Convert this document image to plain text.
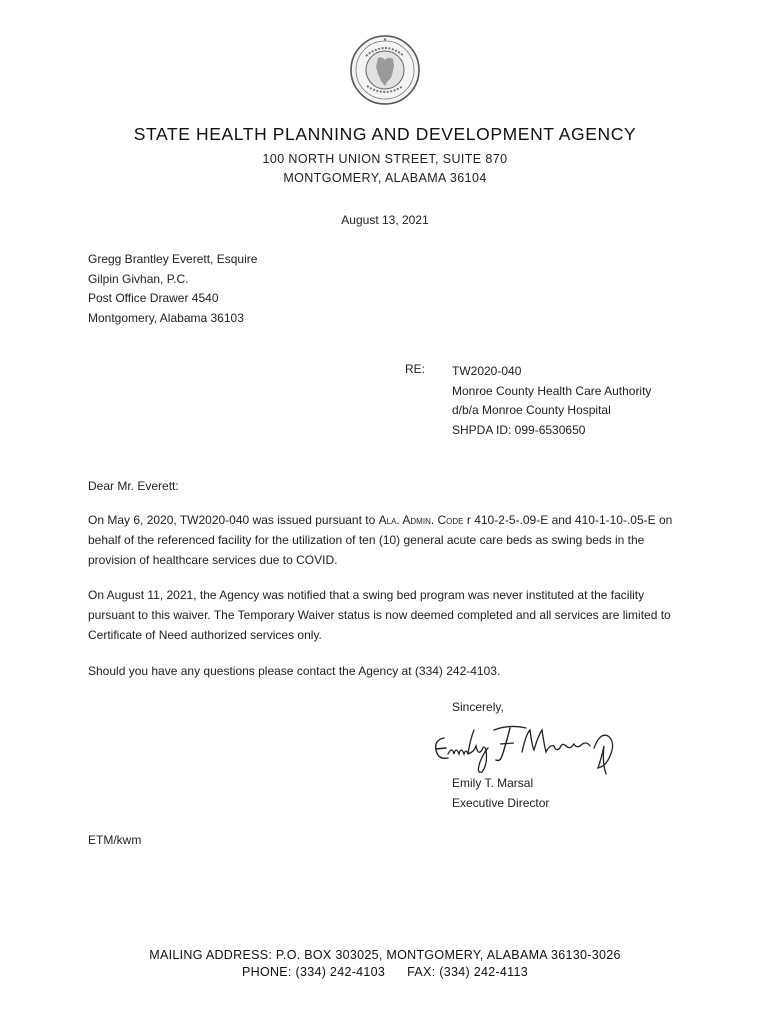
STATE HEALTH PLANNING AND DEVELOPMENT AGENCY
100 NORTH UNION STREET, SUITE 870
MONTGOMERY, ALABAMA 36104
August 13, 2021
Gregg Brantley Everett, Esquire
Gilpin Givhan, P.C.
Post Office Drawer 4540
Montgomery, Alabama 36103
RE: TW2020-040
Monroe County Health Care Authority
d/b/a Monroe County Hospital
SHPDA ID: 099-6530650
Dear Mr. Everett:
On May 6, 2020, TW2020-040 was issued pursuant to Ala. Admin. Code r 410-2-5-.09-E and 410-1-10-.05-E on behalf of the referenced facility for the utilization of ten (10) general acute care beds as swing beds in the provision of healthcare services due to COVID.
On August 11, 2021, the Agency was notified that a swing bed program was never instituted at the facility pursuant to this waiver. The Temporary Waiver status is now deemed completed and all services are limited to Certificate of Need authorized services only.
Should you have any questions please contact the Agency at (334) 242-4103.
Sincerely,
Emily T. Marsal
Executive Director
ETM/kwm
MAILING ADDRESS: P.O. BOX 303025, MONTGOMERY, ALABAMA 36130-3026
PHONE: (334) 242-4103 FAX: (334) 242-4113
